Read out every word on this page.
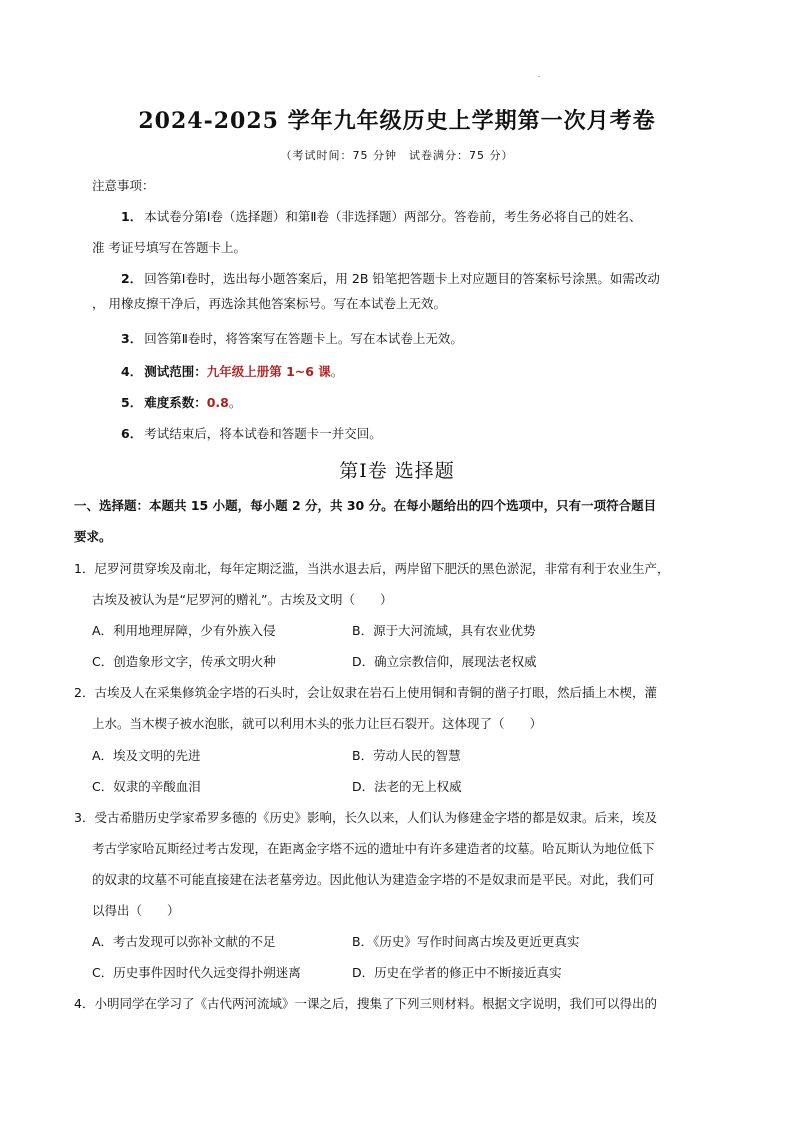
2024-2025 学年九年级历史上学期第一次月考卷
（考试时间：75 分钟　试卷满分：75 分）
注意事项：
1． 本试卷分第Ⅰ卷（选择题）和第Ⅱ卷（非选择题）两部分。答卷前，考生务必将自己的姓名、
准 考证号填写在答题卡上。
2． 回答第Ⅰ卷时，选出每小题答案后，用 2B 铅笔把答题卡上对应题目的答案标号涂黑。如需改动
， 用橡皮擦干净后，再选涂其他答案标号。写在本试卷上无效。
3． 回答第Ⅱ卷时，将答案写在答题卡上。写在本试卷上无效。
4． 测试范围：九年级上册第 1~6 课。
5． 难度系数：0.8。
6． 考试结束后，将本试卷和答题卡一并交回。
第Ⅰ卷 选择题
一、选择题：本题共 15 小题，每小题 2 分，共 30 分。在每小题给出的四个选项中，只有一项符合题目
要求。
1．尼罗河贯穿埃及南北，每年定期泛滥，当洪水退去后，两岸留下肥沃的黑色淤泥，非常有利于农业生产，
古埃及被认为是“尼罗河的赠礼”。古埃及文明（　　）
A．利用地理屏障，少有外族入侵	B．源于大河流域，具有农业优势
C．创造象形文字，传承文明火种	D．确立宗教信仰，展现法老权威
2．古埃及人在采集修筑金字塔的石头时，会让奴隶在岩石上使用铜和青铜的凿子打眼，然后插上木楔，灌
上水。当木楔子被水泡胀，就可以利用木头的张力让巨石裂开。这体现了（　　）
A．埃及文明的先进	B．劳动人民的智慧
C．奴隶的辛酸血泪	D．法老的无上权威
3．受古希腊历史学家希罗多德的《历史》影响，长久以来，人们认为修建金字塔的都是奴隶。后来，埃及
考古学家哈瓦斯经过考古发现，在距离金字塔不远的遗址中有许多建造者的坟墓。哈瓦斯认为地位低下
的奴隶的坟墓不可能直接建在法老墓旁边。因此他认为建造金字塔的不是奴隶而是平民。对此，我们可
以得出（　　）
A．考古发现可以弥补文献的不足	B．《历史》写作时间离古埃及更近更真实
C．历史事件因时代久远变得扑朔迷离	D．历史在学者的修正中不断接近真实
4．小明同学在学习了《古代两河流域》一课之后，搜集了下列三则材料。根据文字说明，我们可以得出的
